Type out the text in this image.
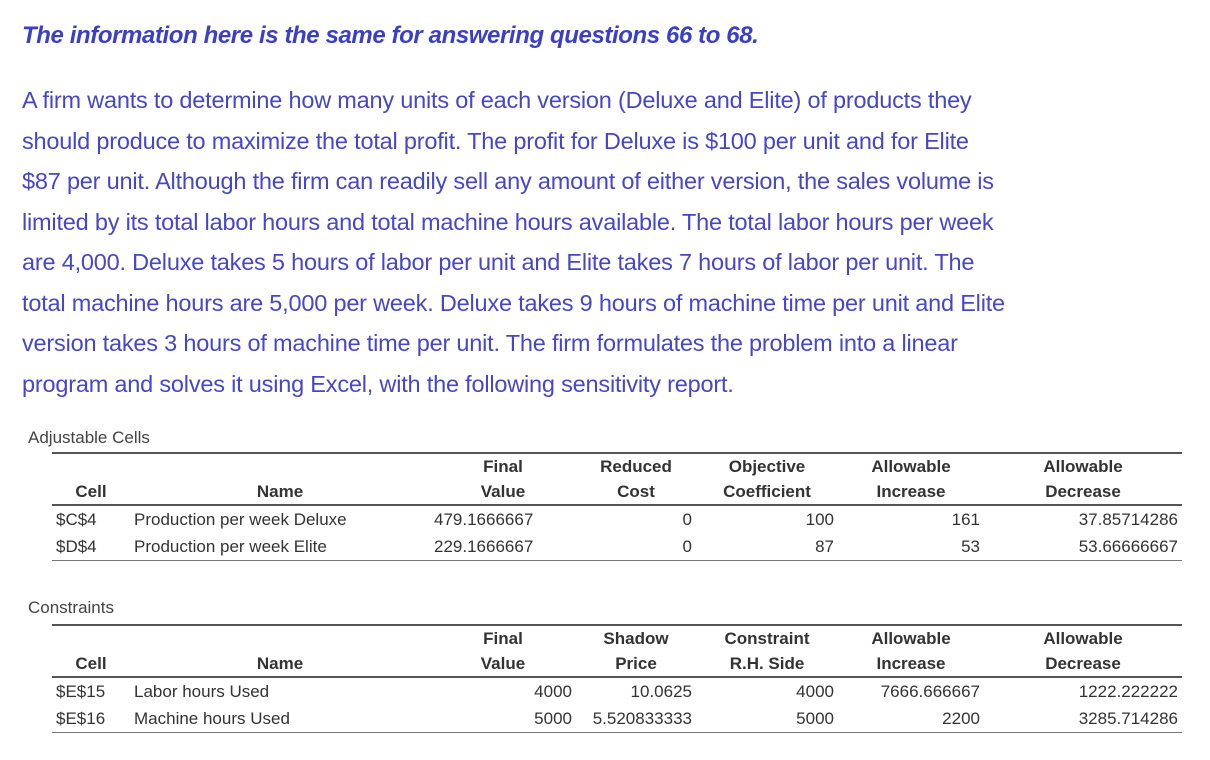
The information here is the same for answering questions 66 to 68.

A firm wants to determine how many units of each version (Deluxe and Elite) of products they
should produce to maximize the total profit. The profit for Deluxe is $100 per unit and for Elite
$87 per unit. Although the firm can readily sell any amount of either version, the sales volume is
limited by its total labor hours and total machine hours available. The total labor hours per week
are 4,000. Deluxe takes 5 hours of labor per unit and Elite takes 7 hours of labor per unit. The
total machine hours are 5,000 per week. Deluxe takes 9 hours of machine time per unit and Elite
version takes 3 hours of machine time per unit. The firm formulates the problem into a linear
program and solves it using Excel, with the following sensitivity report.

Adjustable Cells
		Final	Reduced	Objective	Allowable	Allowable
Cell	Name	Value	Cost	Coefficient	Increase	Decrease
$C$4	Production per week Deluxe	479.1666667	0	100	161	37.85714286
$D$4	Production per week Elite	229.1666667	0	87	53	53.66666667
Constraints
		Final	Shadow	Constraint	Allowable	Allowable
Cell	Name	Value	Price	R.H. Side	Increase	Decrease
$E$15	Labor hours Used	4000	10.0625	4000	7666.666667	1222.222222
$E$16	Machine hours Used	5000	5.520833333	5000	2200	3285.714286
